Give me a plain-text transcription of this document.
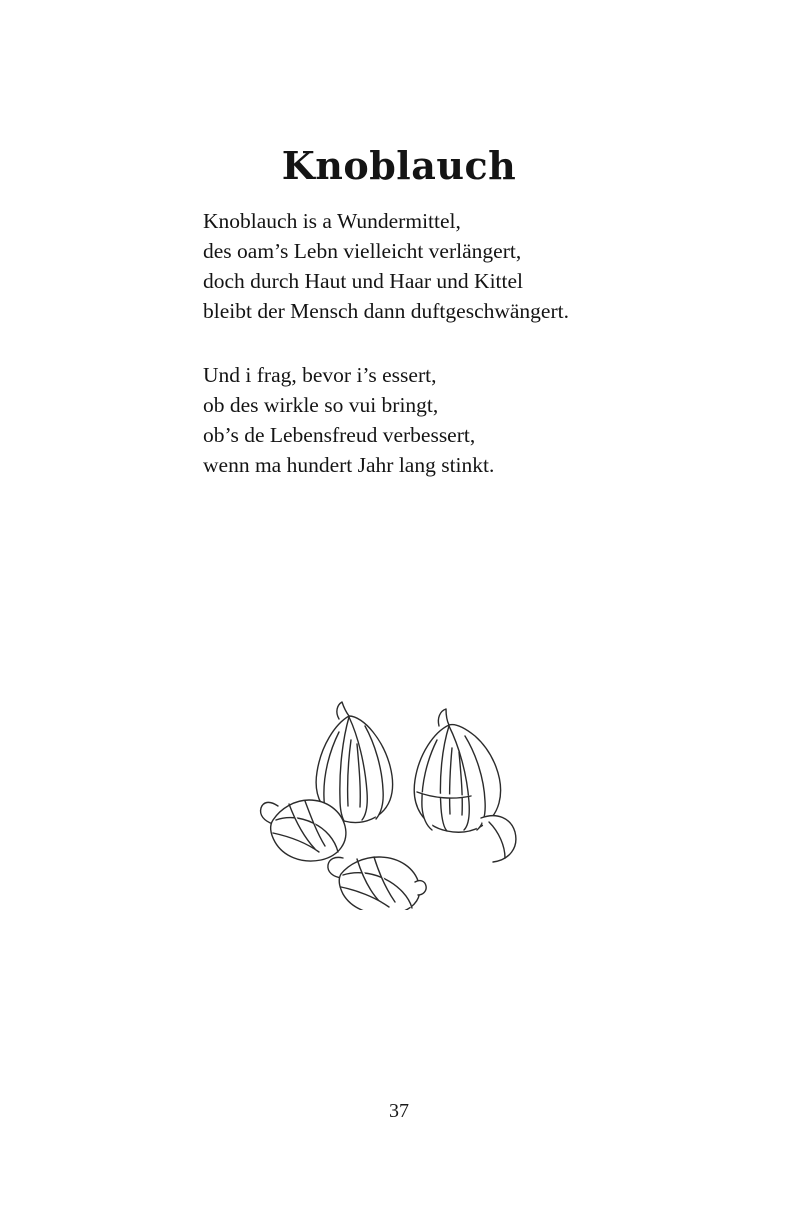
Knoblauch
Knoblauch is a Wundermittel,
des oam’s Lebn vielleicht verlängert,
doch durch Haut und Haar und Kittel
bleibt der Mensch dann duftgeschwängert.
Und i frag, bevor i’s essert,
ob des wirkle so vui bringt,
ob’s de Lebensfreud verbessert,
wenn ma hundert Jahr lang stinkt.
37
